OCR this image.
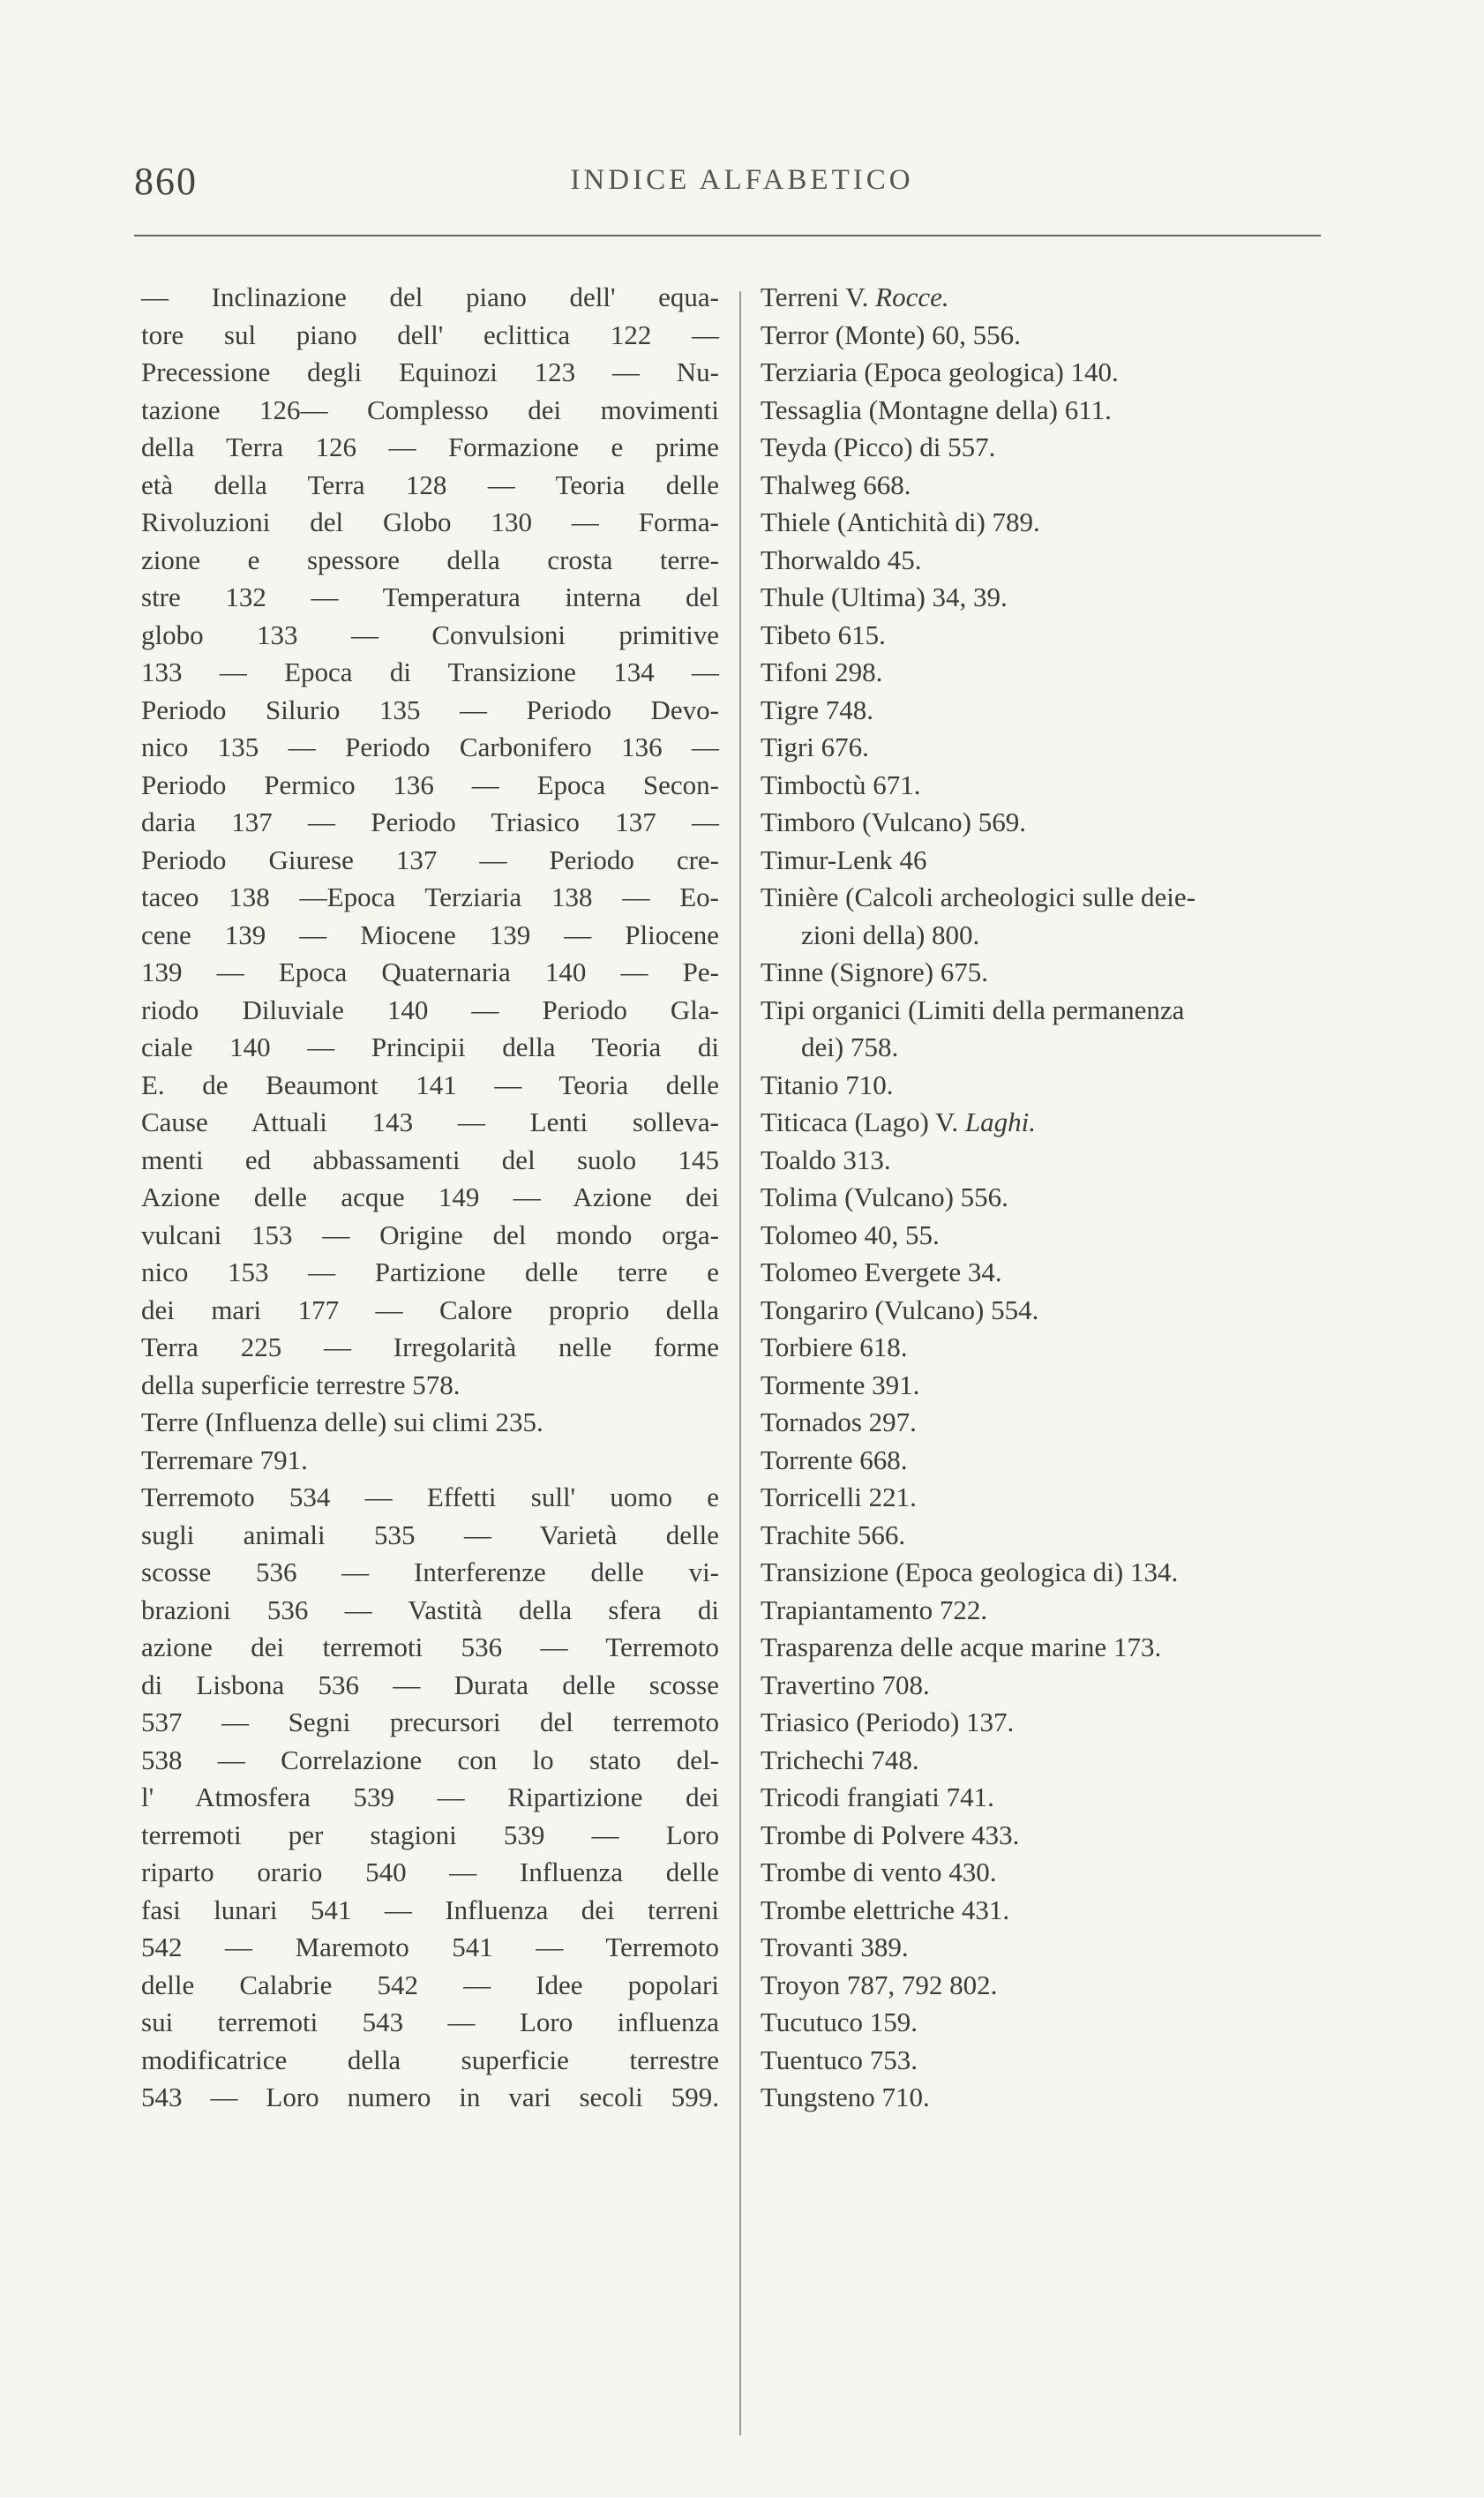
860	INDICE ALFABETICO
— Inclinazione del piano dell' equa-
tore sul piano dell' eclittica 122 —
Precessione degli Equinozi 123 — Nu-
tazione 126— Complesso dei movimenti
della Terra 126 — Formazione e prime
età della Terra 128 — Teoria delle
Rivoluzioni del Globo 130 — Forma-
zione e spessore della crosta terre-
stre 132 — Temperatura interna del
globo 133 — Convulsioni primitive
133 — Epoca di Transizione 134 —
Periodo Silurio 135 — Periodo Devo-
nico 135 — Periodo Carbonifero 136 —
Periodo Permico 136 — Epoca Secon-
daria 137 — Periodo Triasico 137 —
Periodo Giurese 137 — Periodo cre-
taceo 138 —Epoca Terziaria 138 — Eo-
cene 139 — Miocene 139 — Pliocene
139 — Epoca Quaternaria 140 — Pe-
riodo Diluviale 140 — Periodo Gla-
ciale 140 — Principii della Teoria di
E. de Beaumont 141 — Teoria delle
Cause Attuali 143 — Lenti solleva-
menti ed abbassamenti del suolo 145
Azione delle acque 149 — Azione dei
vulcani 153 — Origine del mondo orga-
nico 153 — Partizione delle terre e
dei mari 177 — Calore proprio della
Terra 225 — Irregolarità nelle forme
della superficie terrestre 578.
Terre (Influenza delle) sui climi 235.
Terremare 791.
Terremoto 534 — Effetti sull' uomo e
sugli animali 535 — Varietà delle
scosse 536 — Interferenze delle vi-
brazioni 536 — Vastità della sfera di
azione dei terremoti 536 — Terremoto
di Lisbona 536 — Durata delle scosse
537 — Segni precursori del terremoto
538 — Correlazione con lo stato del-
l' Atmosfera 539 — Ripartizione dei
terremoti per stagioni 539 — Loro
riparto orario 540 — Influenza delle
fasi lunari 541 — Influenza dei terreni
542 — Maremoto 541 — Terremoto
delle Calabrie 542 — Idee popolari
sui terremoti 543 — Loro influenza
modificatrice della superficie terrestre
543 — Loro numero in vari secoli 599.
Terreni V. Rocce.
Terror (Monte) 60, 556.
Terziaria (Epoca geologica) 140.
Tessaglia (Montagne della) 611.
Teyda (Picco) di 557.
Thalweg 668.
Thiele (Antichità di) 789.
Thorwaldo 45.
Thule (Ultima) 34, 39.
Tibeto 615.
Tifoni 298.
Tigre 748.
Tigri 676.
Timboctù 671.
Timboro (Vulcano) 569.
Timur-Lenk 46
Tinière (Calcoli archeologici sulle deie-
zioni della) 800.
Tinne (Signore) 675.
Tipi organici (Limiti della permanenza
dei) 758.
Titanio 710.
Titicaca (Lago) V. Laghi.
Toaldo 313.
Tolima (Vulcano) 556.
Tolomeo 40, 55.
Tolomeo Evergete 34.
Tongariro (Vulcano) 554.
Torbiere 618.
Tormente 391.
Tornados 297.
Torrente 668.
Torricelli 221.
Trachite 566.
Transizione (Epoca geologica di) 134.
Trapiantamento 722.
Trasparenza delle acque marine 173.
Travertino 708.
Triasico (Periodo) 137.
Trichechi 748.
Tricodi frangiati 741.
Trombe di Polvere 433.
Trombe di vento 430.
Trombe elettriche 431.
Trovanti 389.
Troyon 787, 792 802.
Tucutuco 159.
Tuentuco 753.
Tungsteno 710.
